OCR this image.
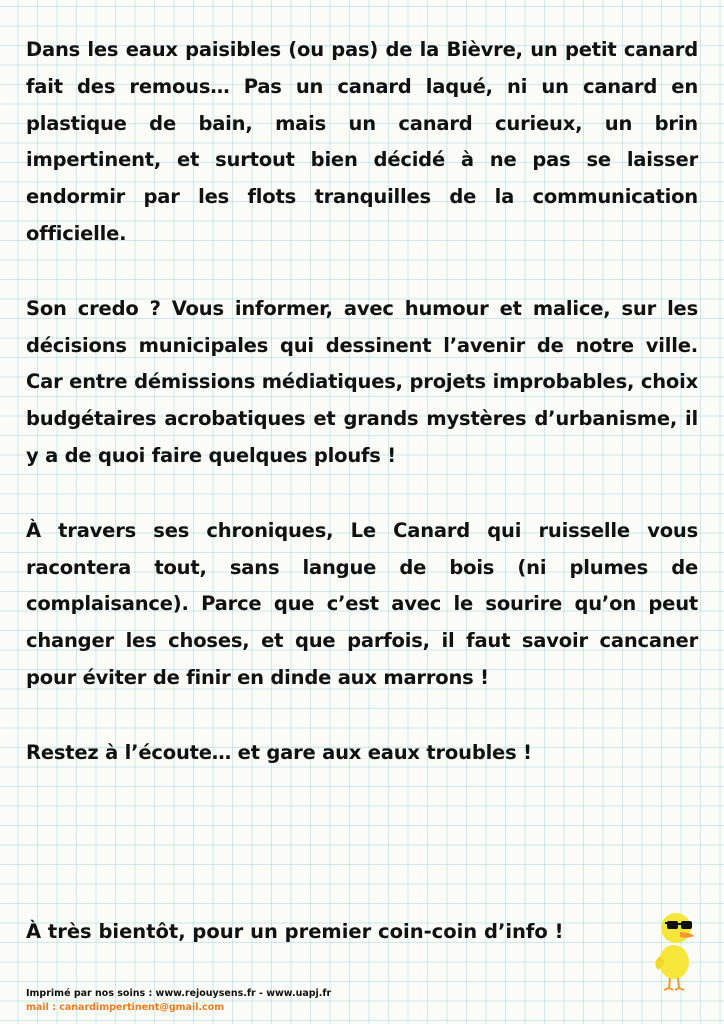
Dans les eaux paisibles (ou pas) de la Bièvre, un petit canard fait des remous… Pas un canard laqué, ni un canard en plastique de bain, mais un canard curieux, un brin impertinent, et surtout bien décidé à ne pas se laisser endormir par les flots tranquilles de la communication officielle.

Son credo ? Vous informer, avec humour et malice, sur les décisions municipales qui dessinent l’avenir de notre ville. Car entre démissions médiatiques, projets improbables, choix budgétaires acrobatiques et grands mystères d’urbanisme, il y a de quoi faire quelques ploufs !

À travers ses chroniques, Le Canard qui ruisselle vous racontera tout, sans langue de bois (ni plumes de complaisance). Parce que c’est avec le sourire qu’on peut changer les choses, et que parfois, il faut savoir cancaner pour éviter de finir en dinde aux marrons !

Restez à l’écoute… et gare aux eaux troubles !

À très bientôt, pour un premier coin-coin d’info !
Imprimé par nos soins : www.rejouysens.fr - www.uapj.fr
mail : canardimpertinent@gmail.com
